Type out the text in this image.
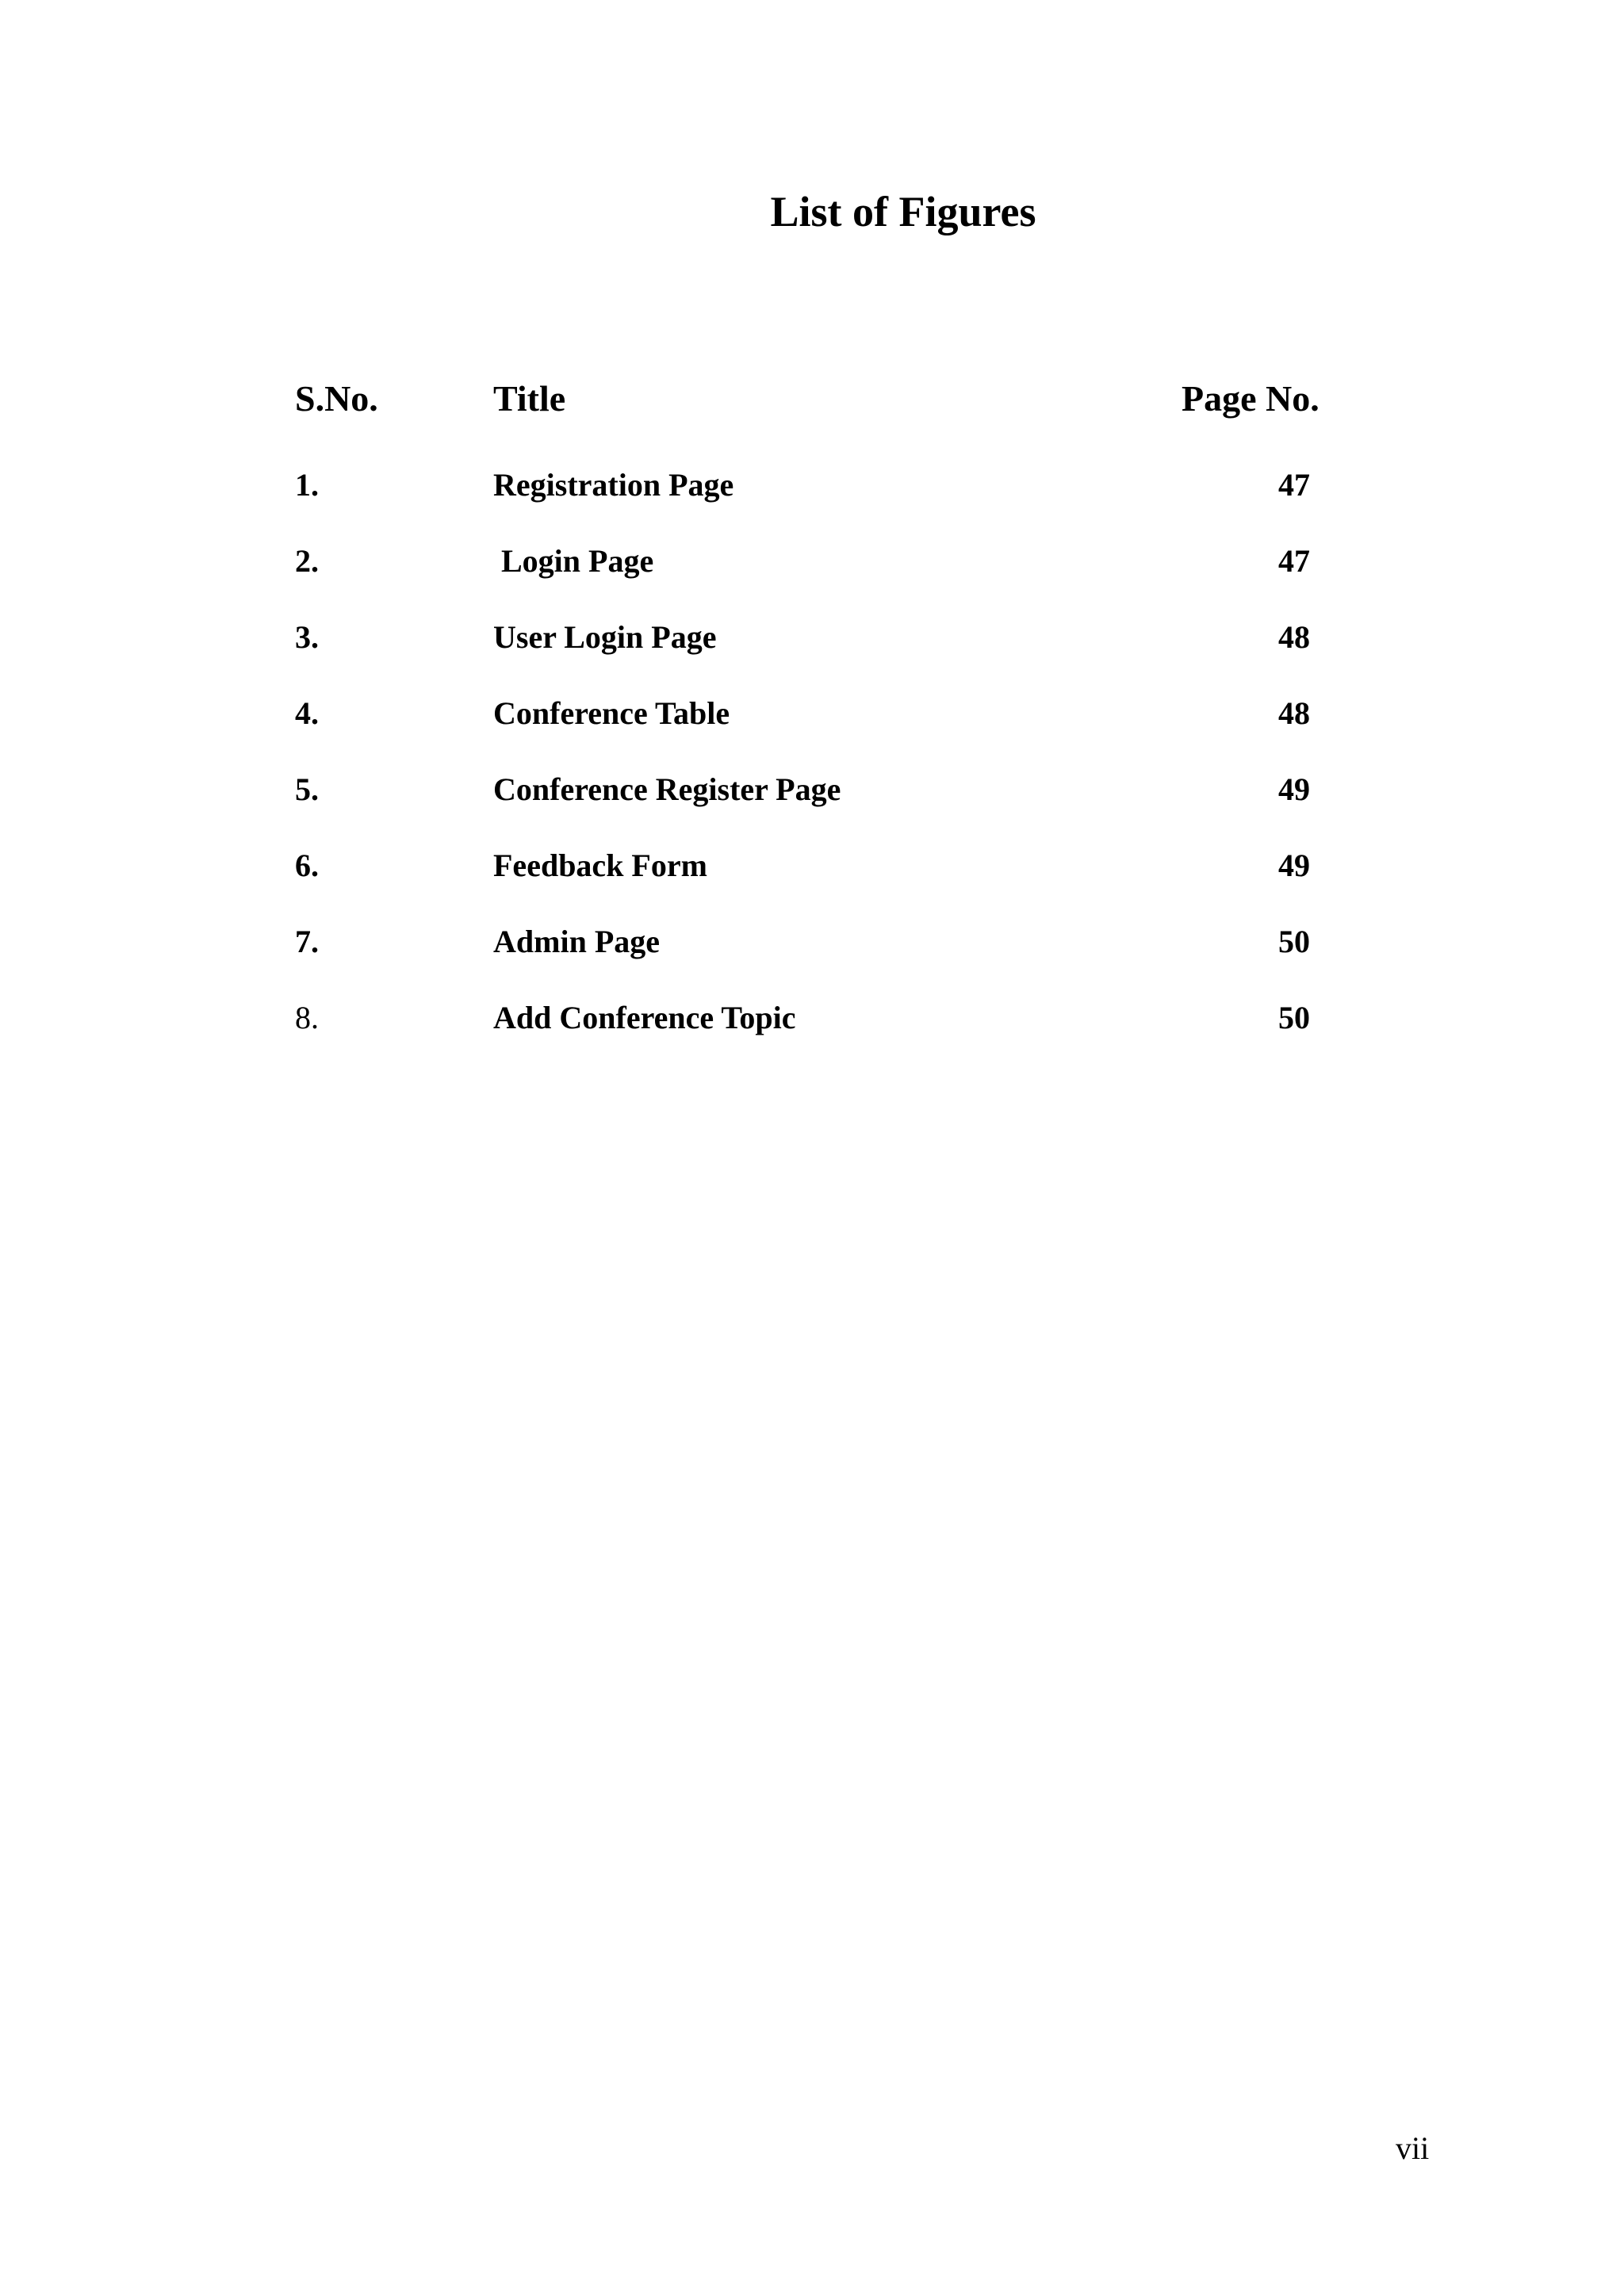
List of Figures
S.No.	Title	Page No.
1.	Registration Page	47
2.	Login Page	47
3.	User Login Page	48
4.	Conference Table	48
5.	Conference Register Page	49
6.	Feedback Form	49
7.	Admin Page	50
8.	Add Conference Topic	50
vii
